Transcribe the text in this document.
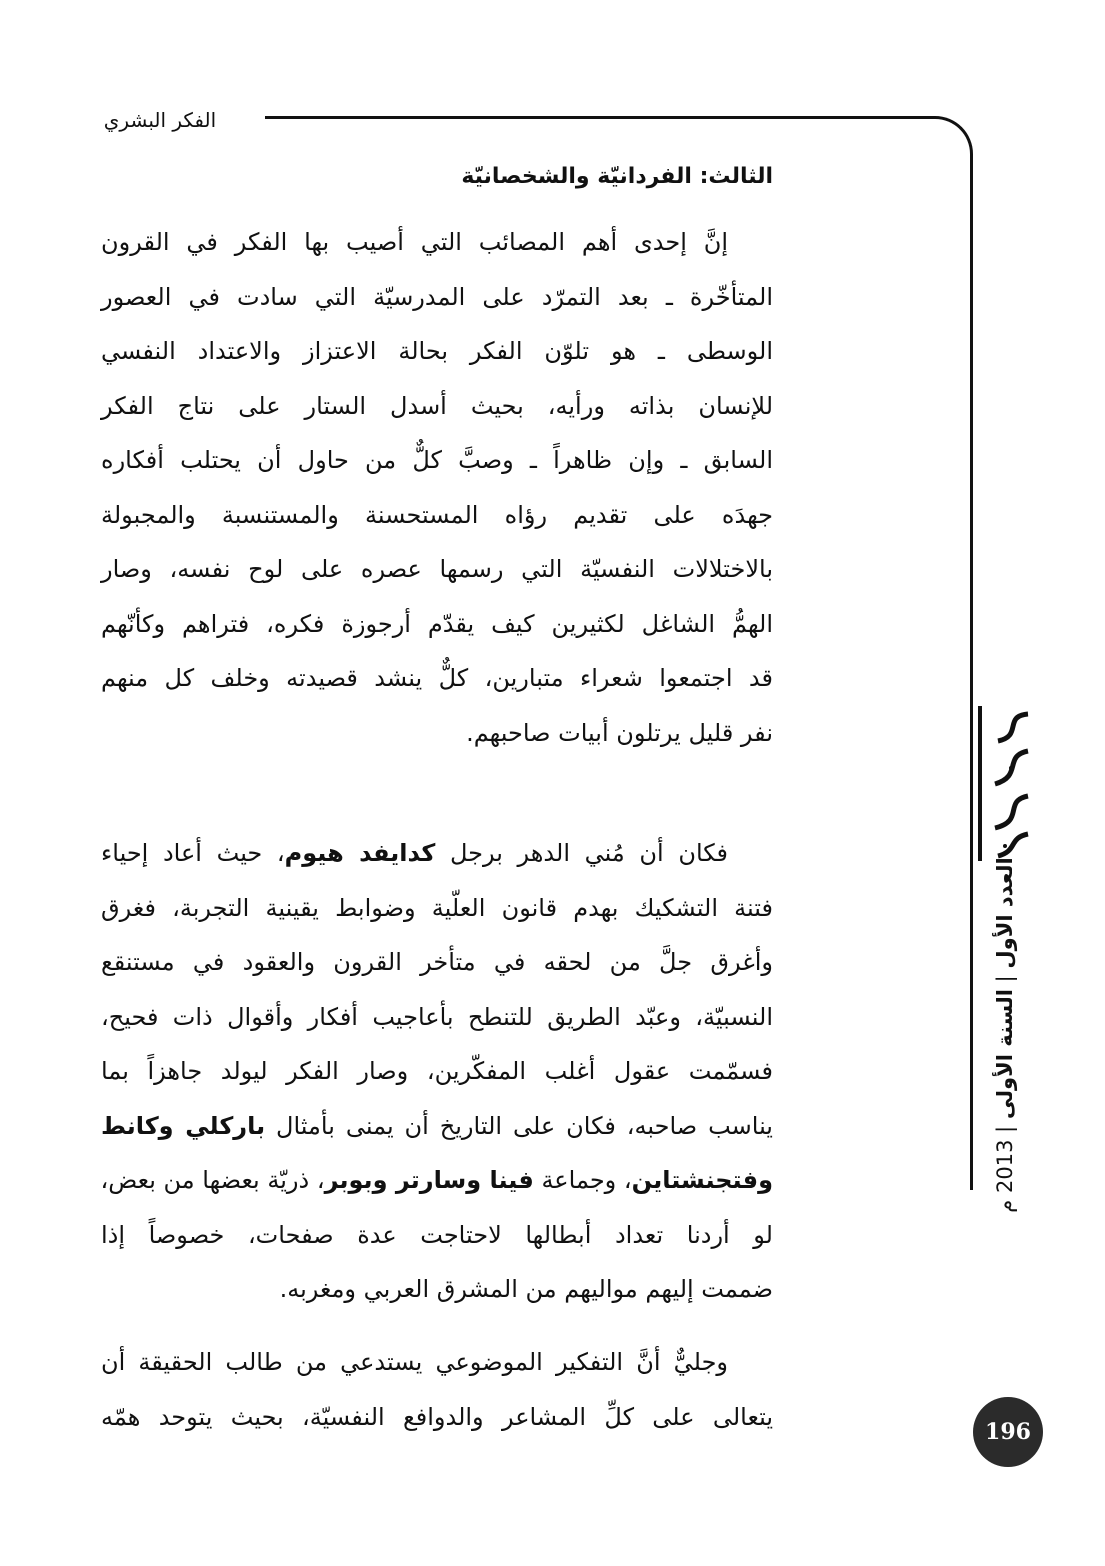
الفكر البشري
الثالث: الفردانيّة والشخصانيّة
إنَّ إحدى أهم المصائب التي أصيب بها الفكر في القرون
المتأخّرة ـ بعد التمرّد على المدرسيّة التي سادت في العصور
الوسطى ـ هو تلوّن الفكر بحالة الاعتزاز والاعتداد النفسي
للإنسان بذاته ورأيه، بحيث أسدل الستار على نتاج الفكر
السابق ـ وإن ظاهراً ـ وصبَّ كلٌّ من حاول أن يحتلب أفكاره
جهدَه على تقديم رؤاه المستحسنة والمستنسبة والمجبولة
بالاختلالات النفسيّة التي رسمها عصره على لوح نفسه، وصار
الهمُّ الشاغل لكثيرين كيف يقدّم أرجوزة فكره، فتراهم وكأنّهم
قد اجتمعوا شعراء متبارين، كلٌّ ينشد قصيدته وخلف كل منهم
نفر قليل يرتلون أبيات صاحبهم.
فكان أن مُني الدهر برجل كدايفد هيوم، حيث أعاد إحياء
فتنة التشكيك بهدم قانون العلّية وضوابط يقينية التجربة، فغرق
وأغرق جلَّ من لحقه في متأخر القرون والعقود في مستنقع
النسبيّة، وعبّد الطريق للتنطح بأعاجيب أفكار وأقوال ذات فحيح،
فسمّمت عقول أغلب المفكّرين، وصار الفكر ليولد جاهزاً بما
يناسب صاحبه، فكان على التاريخ أن يمنى بأمثال باركلي وكانط
وفتجنشتاين، وجماعة فينا وسارتر وبوبر، ذريّة بعضها من بعض،
لو أردنا تعداد أبطالها لاحتاجت عدة صفحات، خصوصاً إذا
ضممت إليهم مواليهم من المشرق العربي ومغربه.
وجليٌّ أنَّ التفكير الموضوعي يستدعي من طالب الحقيقة أن
يتعالى على كلِّ المشاعر والدوافع النفسيّة، بحيث يتوحد همّه
العدد الأول | السنة الأولى | 2013 م
196
